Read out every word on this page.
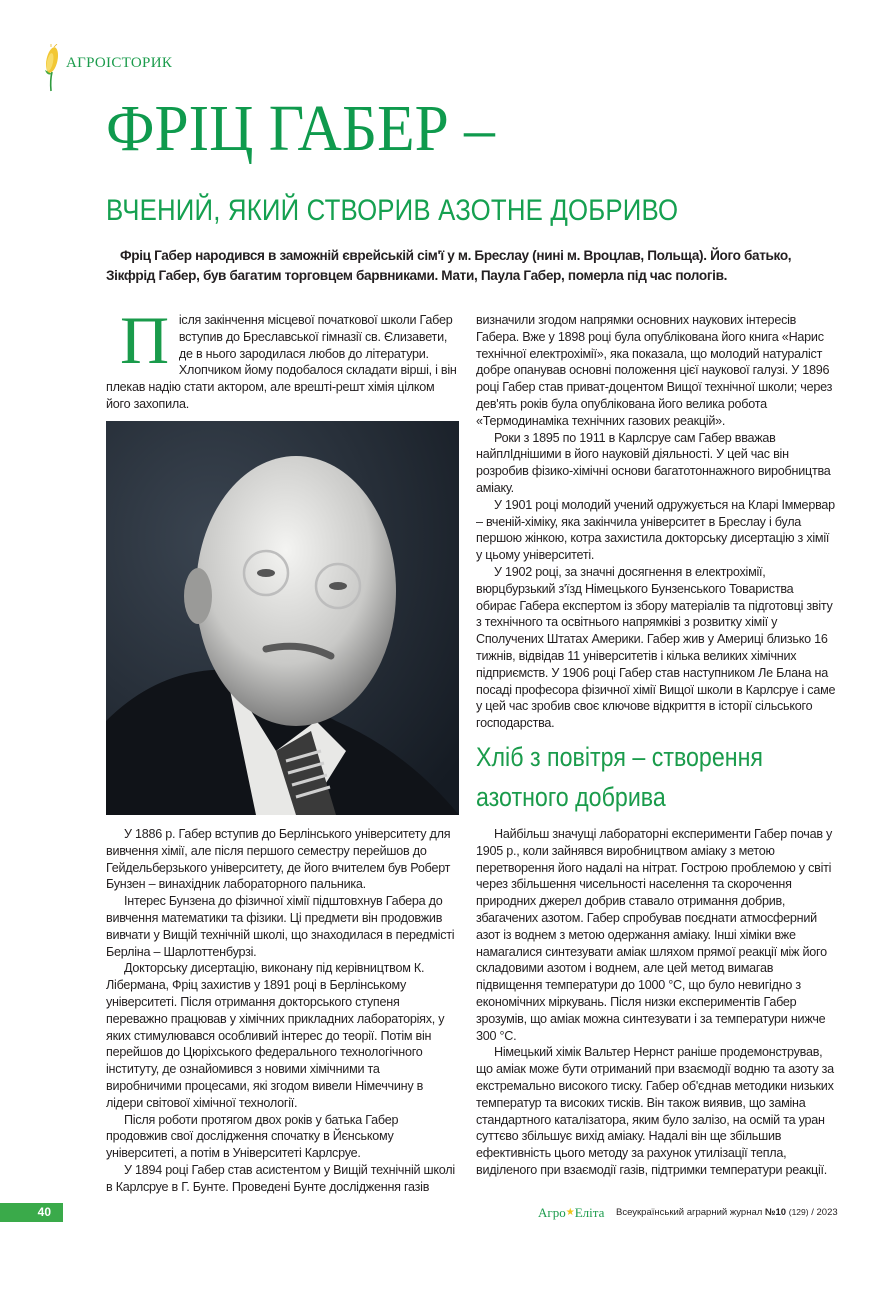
АГРОІСТОРИК
ФРІЦ ГАБЕР –
ВЧЕНИЙ, ЯКИЙ СТВОРИВ АЗОТНЕ ДОБРИВО
Фріц Габер народився в заможній єврейській сім'ї у м. Бреслау (нині м. Вроцлав, Польща). Його батько, Зікфрід Габер, був багатим торговцем барвниками. Мати, Паула Габер, померла під час пологів.
П ісля закінчення місцевої початкової школи Габер вступив до Бреславської гімназії св. Єлизавети, де в нього зародилася любов до літератури. Хлопчиком йому подобалося складати вірші, і він плекав надію стати актором, але врешті-решт хімія цілком його захопила.

У 1886 р. Габер вступив до Берлінського університету для вивчення хімії, але після першого семестру перейшов до Гейдельберзького університету, де його вчителем був Роберт Бунзен – винахідник лабораторного пальника.

Інтерес Бунзена до фізичної хімії підштовхнув Габера до вивчення математики та фізики. Ці предмети він продовжив вивчати у Вищій технічній школі, що знаходилася в передмісті Берліна – Шарлоттенбурзі.

Докторську дисертацію, виконану під керівництвом К. Лібермана, Фріц захистив у 1891 році в Берлінському університеті. Після отримання докторського ступеня переважно працював у хімічних прикладних лабораторіях, у яких стимулювався особливий інтерес до теорії. Потім він перейшов до Цюріхського федерального технологічного інституту, де ознайомився з новими хімічними та виробничими процесами, які згодом вивели Німеччину в лідери світової хімічної технології.

Після роботи протягом двох років у батька Габер продовжив свої дослідження спочатку в Йєнському університеті, а потім в Університеті Карлсруе.

У 1894 році Габер став асистентом у Вищій технічній школі в Карлсруе в Г. Бунте. Проведені Бунте дослідження газів

визначили згодом напрямки основних наукових інтересів Габера. Вже у 1898 році була опублікована його книга «Нарис технічної електрохімії», яка показала, що молодий натураліст добре опанував основні положення цієї наукової галузі. У 1896 році Габер став приват-доцентом Вищої технічної школи; через дев'ять років була опублікована його велика робота «Термодинаміка технічних газових реакцій».

Роки з 1895 по 1911 в Карлсруе сам Габер вважав найплІднішими в його науковій діяльності. У цей час він розробив фізико-хімічні основи багатотоннажного виробництва аміаку.

У 1901 році молодий учений одружується на Кларі Іммервар – вченій-хіміку, яка закінчила університет в Бреслау і була першою жінкою, котра захистила докторську дисертацію з хімії у цьому університеті.

У 1902 році, за значні досягнення в електрохімії, вюрцбурзький з'їзд Німецького Бунзенського Товариства обирає Габера експертом із збору матеріалів та підготовці звіту з технічного та освітнього напрямківі з розвитку хімії у Сполучених Штатах Америки. Габер жив у Америці близько 16 тижнів, відвідав 11 університетів і кілька великих хімічних підприємств. У 1906 році Габер став наступником Ле Блана на посаді професора фізичної хімії Вищої школи в Карлсруе і саме у цей час зробив своє ключове відкриття в історії сільського господарства.

Хліб з повітря – створення
азотного добрива

Найбільш значущі лабораторні експерименти Габер почав у 1905 р., коли зайнявся виробництвом аміаку з метою перетворення його надалі на нітрат. Гострою проблемою у світі через збільшення чисельності населення та скорочення природних джерел добрив ставало отримання добрив, збагачених азотом. Габер спробував поєднати атмосферний азот із воднем з метою одержання аміаку. Інші хіміки вже намагалися синтезувати аміак шляхом прямої реакції між його складовими азотом і воднем, але цей метод вимагав підвищення температури до 1000 °С, що було невигідно з економічних міркувань. Після низки експериментів Габер зрозумів, що аміак можна синтезувати і за температури нижче 300 °С.

Німецький хімік Вальтер Нернст раніше продемонстрував, що аміак може бути отриманий при взаємодії водню та азоту за екстремально високого тиску. Габер об'єднав методики низьких температур та високих тисків. Він також виявив, що заміна стандартного каталізатора, яким було залізо, на осмій та уран суттєво збільшує вихід аміаку. Надалі він ще збільшив ефективність цього методу за рахунок утилізації тепла, виділеного при взаємодії газів, підтримки температури реакції.

40	Агро★Еліта Всеукраїнський аграрний журнал №10 (129) / 2023
